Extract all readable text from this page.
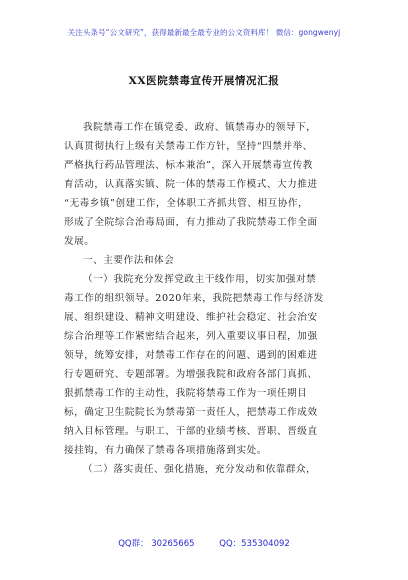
关注头条号“公文研究”，获得最新最全最专业的公文资料库！ 微信：gongwenyj
XX医院禁毒宣传开展情况汇报
我院禁毒工作在镇党委、政府、镇禁毒办的领导下，
认真贯彻执行上级有关禁毒工作方针，坚持“四禁并举、
严格执行药品管理法、标本兼治”，深入开展禁毒宣传教
育活动，认真落实镇、院一体的禁毒工作模式、大力推进
“无毒乡镇”创建工作，全体职工齐抓共管、相互协作，
形成了全院综合治毒局面，有力推动了我院禁毒工作全面
发展。
一、主要作法和体会
（一）我院充分发挥党政主干线作用，切实加强对禁
毒工作的组织领导。2020年来，我院把禁毒工作与经济发
展、组织建设、精神文明建设、维护社会稳定、社会治安
综合治理等工作紧密结合起来，列入重要议事日程，加强
领导，统筹安排，对禁毒工作存在的问题、遇到的困难进
行专题研究、专题部署。为增强我院和政府各部门真抓、
狠抓禁毒工作的主动性，我院将禁毒工作为一项任期目
标，确定卫生院院长为禁毒第一责任人，把禁毒工作成效
纳入目标管理。与职工、干部的业绩考核、晋职、晋级直
接挂钩，有力确保了禁毒各项措施落到实处。
（二）落实责任、强化措施，充分发动和依靠群众，
QQ群： 30265665	QQ：535304092
